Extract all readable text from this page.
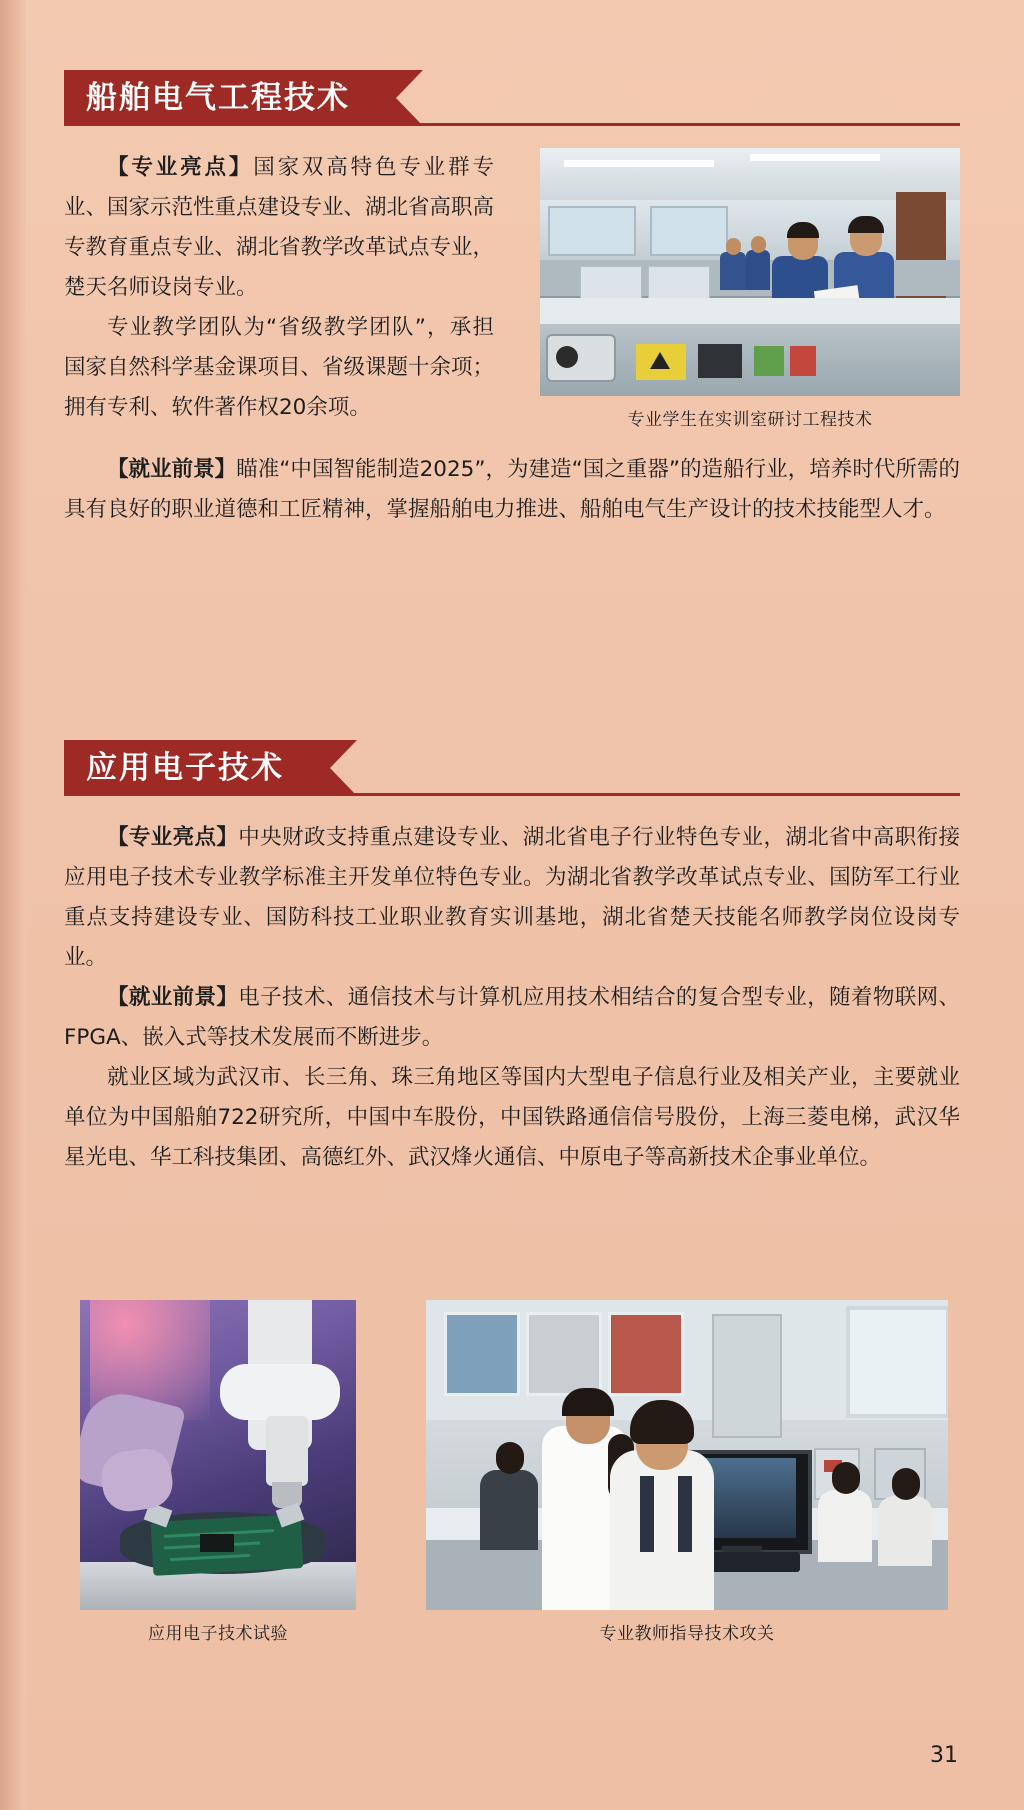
船舶电气工程技术

【专业亮点】国家双高特色专业群专业、国家示范性重点建设专业、湖北省高职高专教育重点专业、湖北省教学改革试点专业，楚天名师设岗专业。

专业教学团队为“省级教学团队”，承担国家自然科学基金课项目、省级课题十余项；拥有专利、软件著作权20余项。	专业学生在实训室研讨工程技术

【就业前景】瞄准“中国智能制造2025”，为建造“国之重器”的造船行业，培养时代所需的具有良好的职业道德和工匠精神，掌握船舶电力推进、船舶电气生产设计的技术技能型人才。

应用电子技术

【专业亮点】中央财政支持重点建设专业、湖北省电子行业特色专业，湖北省中高职衔接应用电子技术专业教学标准主开发单位特色专业。为湖北省教学改革试点专业、国防军工行业重点支持建设专业、国防科技工业职业教育实训基地，湖北省楚天技能名师教学岗位设岗专业。

【就业前景】电子技术、通信技术与计算机应用技术相结合的复合型专业，随着物联网、FPGA、嵌入式等技术发展而不断进步。

就业区域为武汉市、长三角、珠三角地区等国内大型电子信息行业及相关产业，主要就业单位为中国船舶722研究所，中国中车股份，中国铁路通信信号股份，上海三菱电梯，武汉华星光电、华工科技集团、高德红外、武汉烽火通信、中原电子等高新技术企事业单位。

应用电子技术试验	专业教师指导技术攻关
31
